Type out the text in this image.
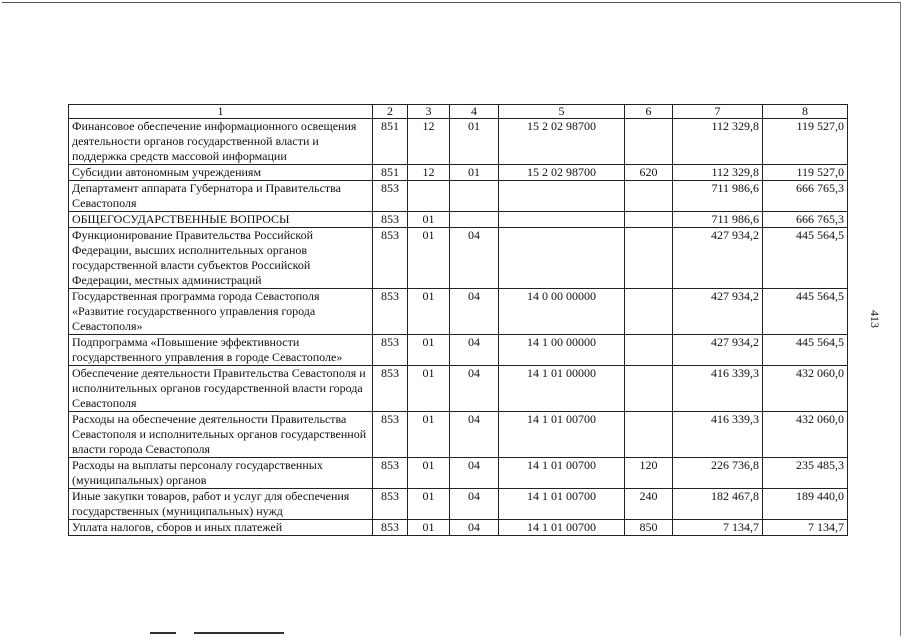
413
1	2	3	4	5	6	7	8
Финансовое обеспечение информационного освещения деятельности органов государственной власти и поддержка средств массовой информации	851	12	01	15 2 02 98700		112 329,8	119 527,0
Субсидии автономным учреждениям	851	12	01	15 2 02 98700	620	112 329,8	119 527,0
Департамент аппарата Губернатора и Правительства Севастополя	853					711 986,6	666 765,3
ОБЩЕГОСУДАРСТВЕННЫЕ ВОПРОСЫ	853	01				711 986,6	666 765,3
Функционирование Правительства Российской Федерации, высших исполнительных органов государственной власти субъектов Российской Федерации, местных администраций	853	01	04			427 934,2	445 564,5
Государственная программа города Севастополя «Развитие государственного управления города Севастополя»	853	01	04	14 0 00 00000		427 934,2	445 564,5
Подпрограмма «Повышение эффективности государственного управления в городе Севастополе»	853	01	04	14 1 00 00000		427 934,2	445 564,5
Обеспечение деятельности Правительства Севастополя и исполнительных органов государственной власти города Севастополя	853	01	04	14 1 01 00000		416 339,3	432 060,0
Расходы на обеспечение деятельности Правительства Севастополя и исполнительных органов государственной власти города Севастополя	853	01	04	14 1 01 00700		416 339,3	432 060,0
Расходы на выплаты персоналу государственных (муниципальных) органов	853	01	04	14 1 01 00700	120	226 736,8	235 485,3
Иные закупки товаров, работ и услуг для обеспечения государственных (муниципальных) нужд	853	01	04	14 1 01 00700	240	182 467,8	189 440,0
Уплата налогов, сборов и иных платежей	853	01	04	14 1 01 00700	850	7 134,7	7 134,7
